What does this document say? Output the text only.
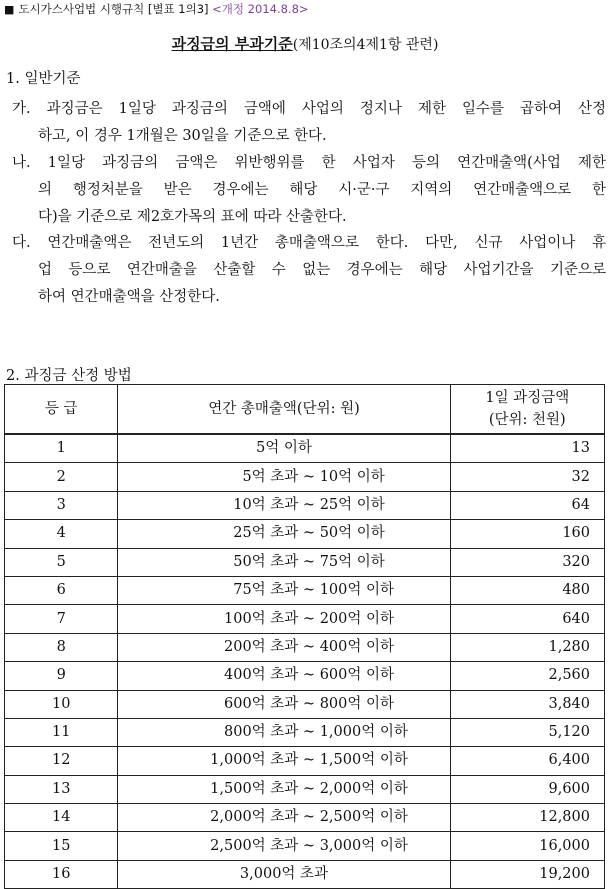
■ 도시가스사업법 시행규칙 [별표 1의3] <개정 2014.8.8>
과징금의 부과기준(제10조의4제1항 관련)
1. 일반기준
가. 과징금은 1일당 과징금의 금액에 사업의 정지나 제한 일수를 곱하여 산정
하고, 이 경우 1개월은 30일을 기준으로 한다.
나. 1일당 과징금의 금액은 위반행위를 한 사업자 등의 연간매출액(사업 제한
의 행정처분을 받은 경우에는 해당 시·군·구 지역의 연간매출액으로 한
다)을 기준으로 제2호가목의 표에 따라 산출한다.
다. 연간매출액은 전년도의 1년간 총매출액으로 한다. 다만, 신규 사업이나 휴
업 등으로 연간매출을 산출할 수 없는 경우에는 해당 사업기간을 기준으로
하여 연간매출액을 산정한다.
2. 과징금 산정 방법
등 급	연간 총매출액(단위: 원)	1일 과징금액
(단위: 천원)

1	5억 이하	13
2	5억 초과 ~ 10억 이하	32
3	10억 초과 ~ 25억 이하	64
4	25억 초과 ~ 50억 이하	160
5	50억 초과 ~ 75억 이하	320
6	75억 초과 ~ 100억 이하	480
7	100억 초과 ~ 200억 이하	640
8	200억 초과 ~ 400억 이하	1,280
9	400억 초과 ~ 600억 이하	2,560
10	600억 초과 ~ 800억 이하	3,840
11	800억 초과 ~ 1,000억 이하	5,120
12	1,000억 초과 ~ 1,500억 이하	6,400
13	1,500억 초과 ~ 2,000억 이하	9,600
14	2,000억 초과 ~ 2,500억 이하	12,800
15	2,500억 초과 ~ 3,000억 이하	16,000
16	3,000억 초과	19,200
